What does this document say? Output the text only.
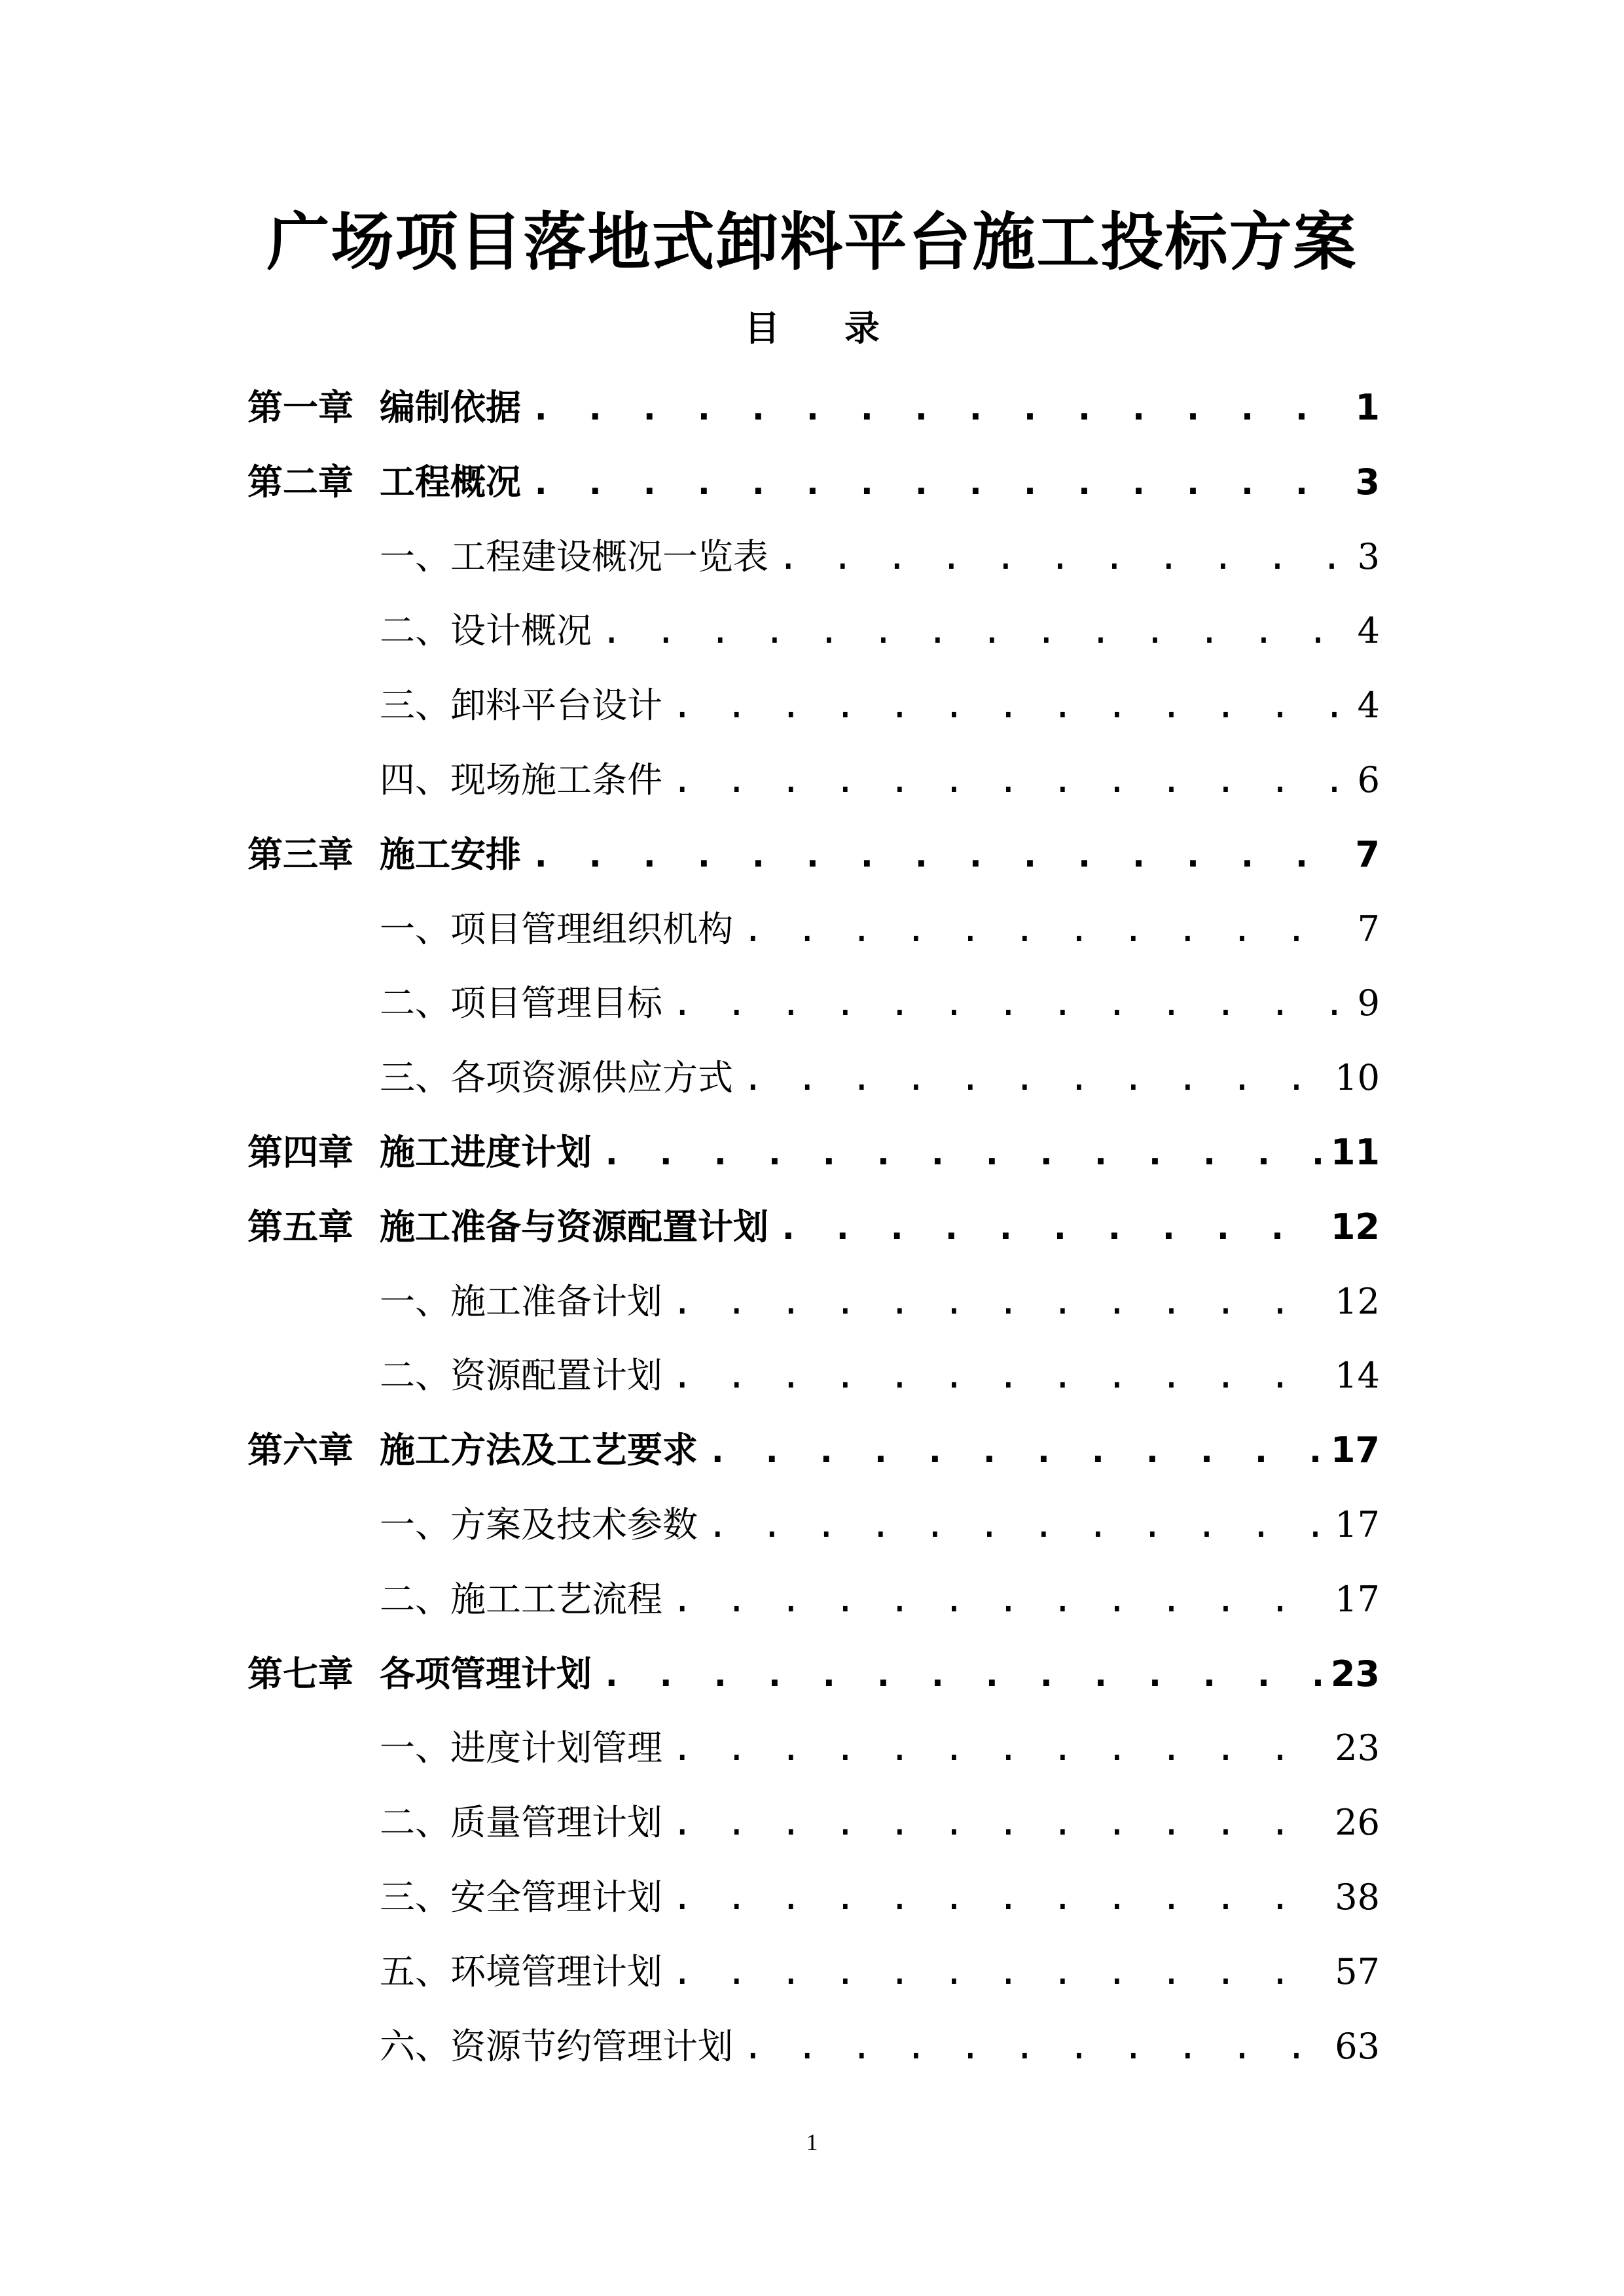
广场项目落地式卸料平台施工投标方案
目 录
第一章 编制依据 . . .	1
第二章 工程概况 . . .	3
一、工程建设概况一览表 . . .	3
二、设计概况 . . .	4
三、卸料平台设计 . . .	4
四、现场施工条件 . . .	6
第三章 施工安排 . . .	7
一、项目管理组织机构 . . .	7
二、项目管理目标 . . .	9
三、各项资源供应方式 . . .	10
第四章 施工进度计划 . . .	11
第五章 施工准备与资源配置计划 . . .	12
一、施工准备计划 . . .	12
二、资源配置计划 . . .	14
第六章 施工方法及工艺要求 . . .	17
一、方案及技术参数 . . .	17
二、施工工艺流程 . . .	17
第七章 各项管理计划 . . .	23
一、进度计划管理 . . .	23
二、质量管理计划 . . .	26
三、安全管理计划 . . .	38
五、环境管理计划 . . .	57
六、资源节约管理计划 . . .	63
1
